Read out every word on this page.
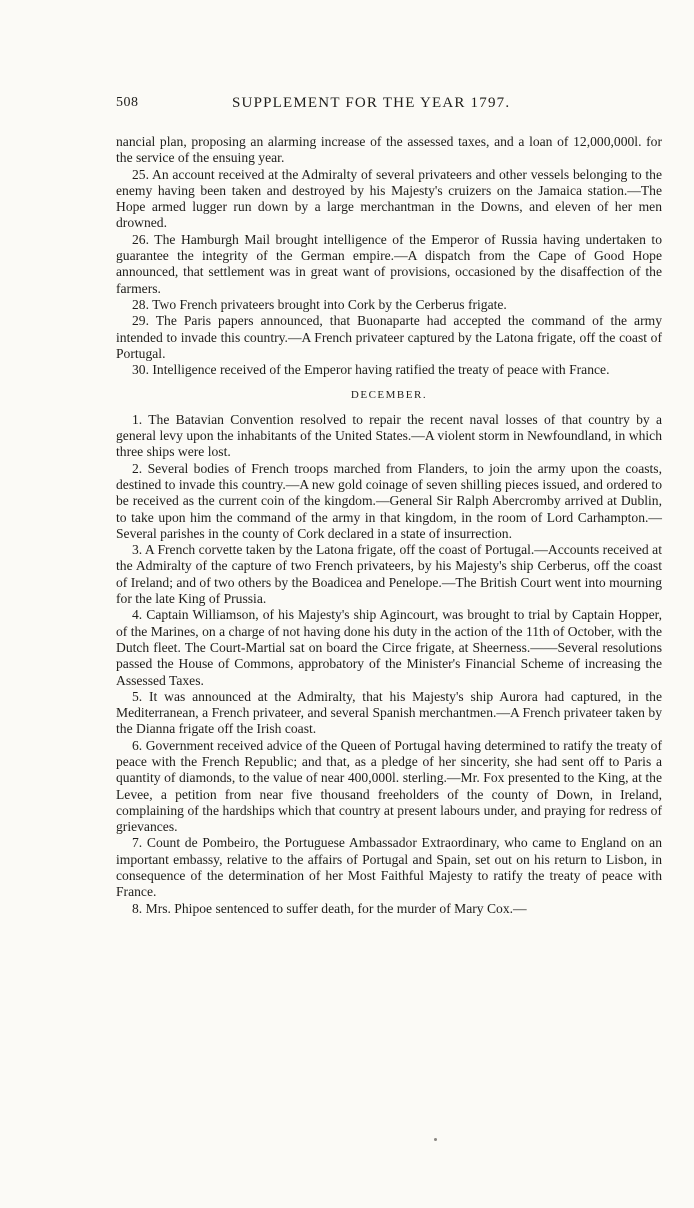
508	SUPPLEMENT FOR THE YEAR 1797.

nancial plan, proposing an alarming increase of the assessed taxes, and a loan of 12,000,000l. for the service of the ensuing year.

25. An account received at the Admiralty of several privateers and other vessels belonging to the enemy having been taken and destroyed by his Majesty's cruizers on the Jamaica station.—The Hope armed lugger run down by a large merchantman in the Downs, and eleven of her men drowned.

26. The Hamburgh Mail brought intelligence of the Emperor of Russia having undertaken to guarantee the integrity of the German empire.—A dispatch from the Cape of Good Hope announced, that settlement was in great want of provisions, occasioned by the disaffection of the farmers.

28. Two French privateers brought into Cork by the Cerberus frigate.

29. The Paris papers announced, that Buonaparte had accepted the command of the army intended to invade this country.—A French privateer captured by the Latona frigate, off the coast of Portugal.

30. Intelligence received of the Emperor having ratified the treaty of peace with France.

DECEMBER.

1. The Batavian Convention resolved to repair the recent naval losses of that country by a general levy upon the inhabitants of the United States.—A violent storm in Newfoundland, in which three ships were lost.

2. Several bodies of French troops marched from Flanders, to join the army upon the coasts, destined to invade this country.—A new gold coinage of seven shilling pieces issued, and ordered to be received as the current coin of the kingdom.—General Sir Ralph Abercromby arrived at Dublin, to take upon him the command of the army in that kingdom, in the room of Lord Carhampton.—Several parishes in the county of Cork declared in a state of insurrection.

3. A French corvette taken by the Latona frigate, off the coast of Portugal.—Accounts received at the Admiralty of the capture of two French privateers, by his Majesty's ship Cerberus, off the coast of Ireland; and of two others by the Boadicea and Penelope.—The British Court went into mourning for the late King of Prussia.

4. Captain Williamson, of his Majesty's ship Agincourt, was brought to trial by Captain Hopper, of the Marines, on a charge of not having done his duty in the action of the 11th of October, with the Dutch fleet. The Court-Martial sat on board the Circe frigate, at Sheerness.——Several resolutions passed the House of Commons, approbatory of the Minister's Financial Scheme of increasing the Assessed Taxes.

5. It was announced at the Admiralty, that his Majesty's ship Aurora had captured, in the Mediterranean, a French privateer, and several Spanish merchantmen.—A French privateer taken by the Dianna frigate off the Irish coast.

6. Government received advice of the Queen of Portugal having determined to ratify the treaty of peace with the French Republic; and that, as a pledge of her sincerity, she had sent off to Paris a quantity of diamonds, to the value of near 400,000l. sterling.—Mr. Fox presented to the King, at the Levee, a petition from near five thousand freeholders of the county of Down, in Ireland, complaining of the hardships which that country at present labours under, and praying for redress of grievances.

7. Count de Pombeiro, the Portuguese Ambassador Extraordinary, who came to England on an important embassy, relative to the affairs of Portugal and Spain, set out on his return to Lisbon, in consequence of the determination of her Most Faithful Majesty to ratify the treaty of peace with France.

8. Mrs. Phipoe sentenced to suffer death, for the murder of Mary Cox.—
